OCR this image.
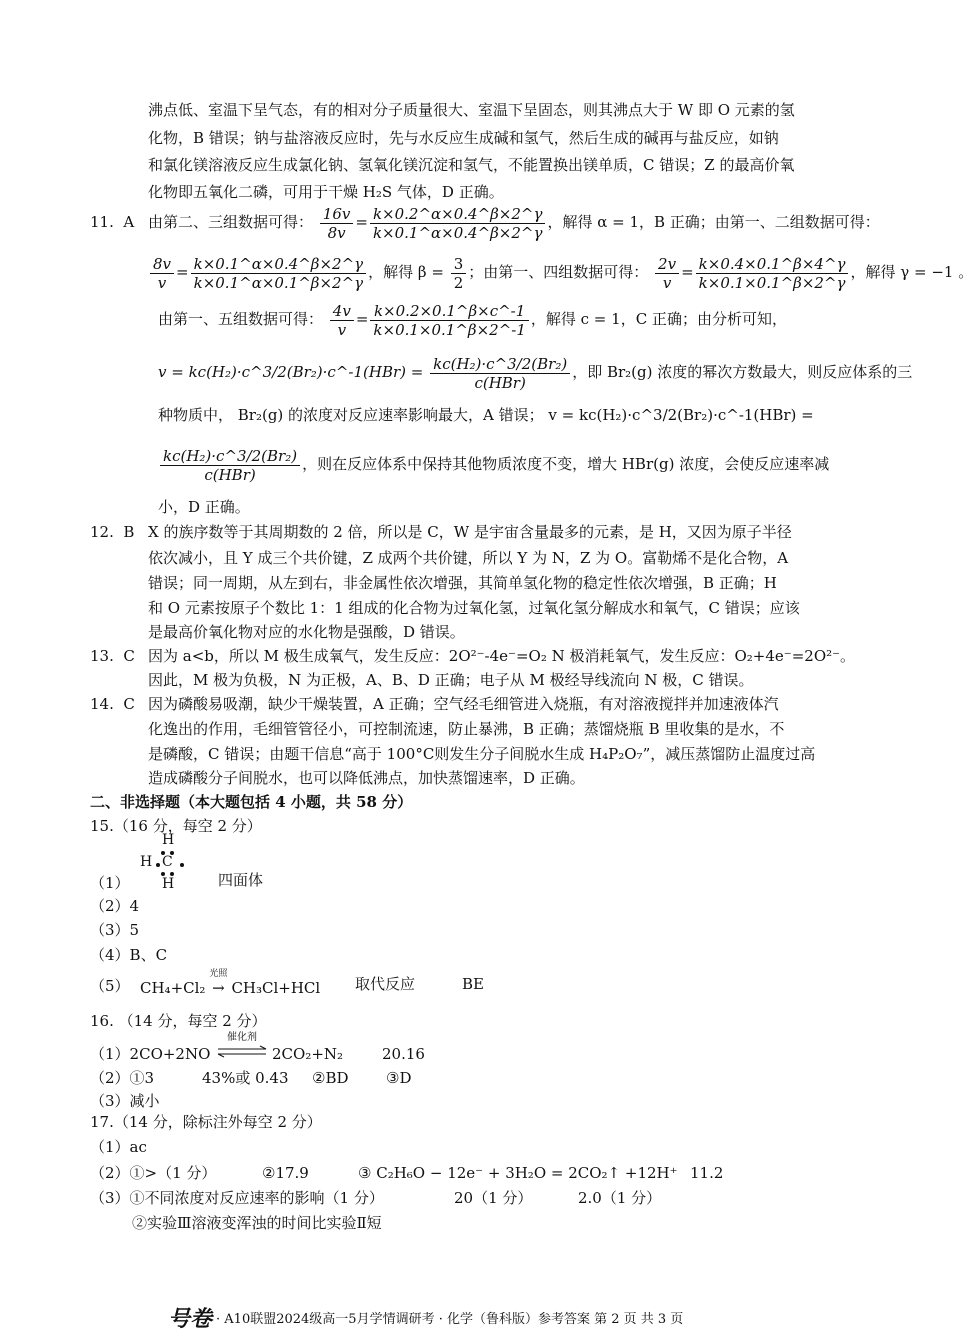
沸点低、室温下呈气态，有的相对分子质量很大、室温下呈固态，则其沸点大于 W 即 O 元素的氢
化物，B 错误；钠与盐溶液反应时，先与水反应生成碱和氢气，然后生成的碱再与盐反应，如钠
和氯化镁溶液反应生成氯化钠、氢氧化镁沉淀和氢气，不能置换出镁单质，C 错误；Z 的最高价氧
化物即五氧化二磷，可用于干燥 H₂S 气体，D 正确。
11. A 由第二、三组数据可得： $\frac{16v}{8v} = \frac{k\times 0.2\^{}\alpha\times 0.4\^{}\beta\times 2\^{}\gamma}{k\times 0.1\^{}\alpha\times 0.4\^{}\beta\times 2\^{}\gamma}$ ，解得 α = 1，B 正确；由第一、二组数据可得：
$\frac{8v}{v} = \frac{k\times 0.1\^{}\alpha\times 0.4\^{}\beta\times 2\^{}\gamma}{k\times 0.1\^{}\alpha\times 0.1\^{}\beta\times 2\^{}\gamma}$ ，解得 $\beta = \frac{3}{2}$ ；由第一、四组数据可得： $\frac{2v}{v} = \frac{k\times 0.4\times 0.1\^{}\beta\times 4\^{}\gamma}{k\times 0.1\times 0.1\^{}\beta\times 2\^{}\gamma}$ ，解得 γ = −1 。
由第一、五组数据可得： $\frac{4v}{v} = \frac{k\times 0.2\times 0.1\^{}\beta\times c\^{}-1}{k\times 0.1\times 0.1\^{}\beta\times 2\^{}-1}$ ，解得 c = 1，C 正确；由分析可知，
v = kc(H₂)·c^3/2(Br₂)·c^-1(HBr) = $\frac{\text{kc(H₂)·c\textasciicircum{}3/2(Br₂)}}{\text{c(HBr)}}$ ，即 Br₂(g) 浓度的幂次方数最大，则反应体系的三
种物质中， Br₂(g) 的浓度对反应速率影响最大，A 错误； v = kc(H₂)·c^3/2(Br₂)·c^-1(HBr) =
$\frac{\text{kc(H₂)·c\textasciicircum{}3/2(Br₂)}}{\text{c(HBr)}}$ ，则在反应体系中保持其他物质浓度不变，增大 HBr(g) 浓度，会使反应速率减
小，D 正确。
12. B X 的族序数等于其周期数的 2 倍，所以是 C，W 是宇宙含量最多的元素，是 H，又因为原子半径
依次减小，且 Y 成三个共价键，Z 成两个共价键，所以 Y 为 N，Z 为 O。富勒烯不是化合物，A
错误；同一周期，从左到右，非金属性依次增强，其简单氢化物的稳定性依次增强，B 正确；H
和 O 元素按原子个数比 1：1 组成的化合物为过氧化氢，过氧化氢分解成水和氧气，C 错误；应该
是最高价氧化物对应的水化物是强酸，D 错误。
13. C 因为 a<b，所以 M 极生成氧气，发生反应：2O²⁻-4e⁻=O₂ N 极消耗氧气，发生反应：O₂+4e⁻=2O²⁻。
因此，M 极为负极，N 为正极，A、B、D 正确；电子从 M 极经导线流向 N 极，C 错误。
14. C 因为磷酸易吸潮，缺少干燥装置，A 正确；空气经毛细管进入烧瓶，有对溶液搅拌并加速液体汽
化逸出的作用，毛细管管径小，可控制流速，防止暴沸，B 正确；蒸馏烧瓶 B 里收集的是水，不
是磷酸，C 错误；由题干信息“高于 100°C则发生分子间脱水生成 H₄P₂O₇”，减压蒸馏防止温度过高
造成磷酸分子间脱水，也可以降低沸点，加快蒸馏速率，D 正确。
二、非选择题（本大题包括 4 小题，共 58 分）
15.（16 分，每空 2 分）
（1）
H
H C
H	四面体
（2）4
（3）5
（4）B、C
（5） CH₄+Cl₂
光照
→ CH₃Cl+HCl 取代反应	BE
16. （14 分，每空 2 分）
（1）2CO+2NO
催化剂
2CO₂+N₂	20.16
（2）①3	43%或 0.43 ②BD	③D
（3）减小
17.（14 分，除标注外每空 2 分）
（1）ac
（2）①>（1 分）	②17.9	③ C₂H₆O − 12e⁻ + 3H₂O = 2CO₂↑ +12H⁺ 11.2
（3）①不同浓度对反应速率的影响（1 分）	20（1 分）	2.0（1 分）
②实验Ⅲ溶液变浑浊的时间比实验Ⅱ短
号卷 · A10联盟2024级高一5月学情调研考 · 化学（鲁科版）参考答案 第 2 页 共 3 页
